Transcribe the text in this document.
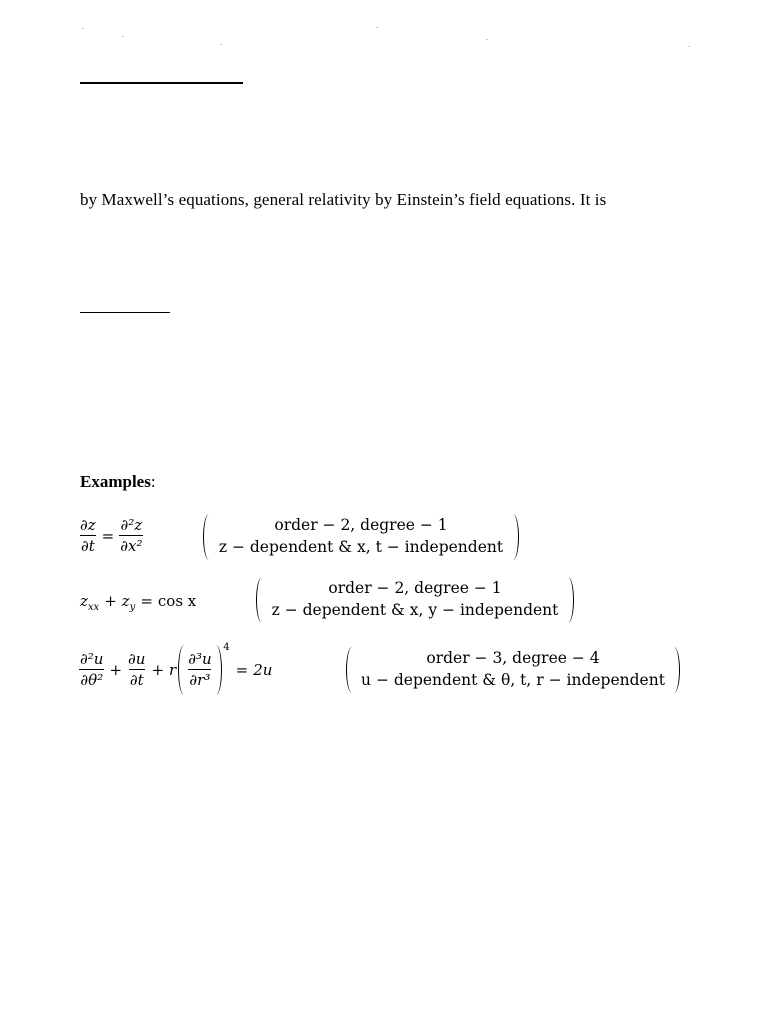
by Maxwell’s equations, general relativity by Einstein’s field equations. It is
Examples:
$\frac{\partial z}{\partial t} = \frac{\text{∂²z}}{\text{∂x²}}$	order − 2, degree − 1
z − dependent & x, t − independent
$z_{xx} + z_y = \cos x$
order − 2, degree − 1
z − dependent & x, y − independent
$\frac{\text{∂²u}}{\text{∂θ²}} + \frac{\partial u}{\partial t} + r \frac{\text{∂³u}}{\text{∂r³}}$
4
= 2u
order − 3, degree − 4
u − dependent & θ, t, r − independent
